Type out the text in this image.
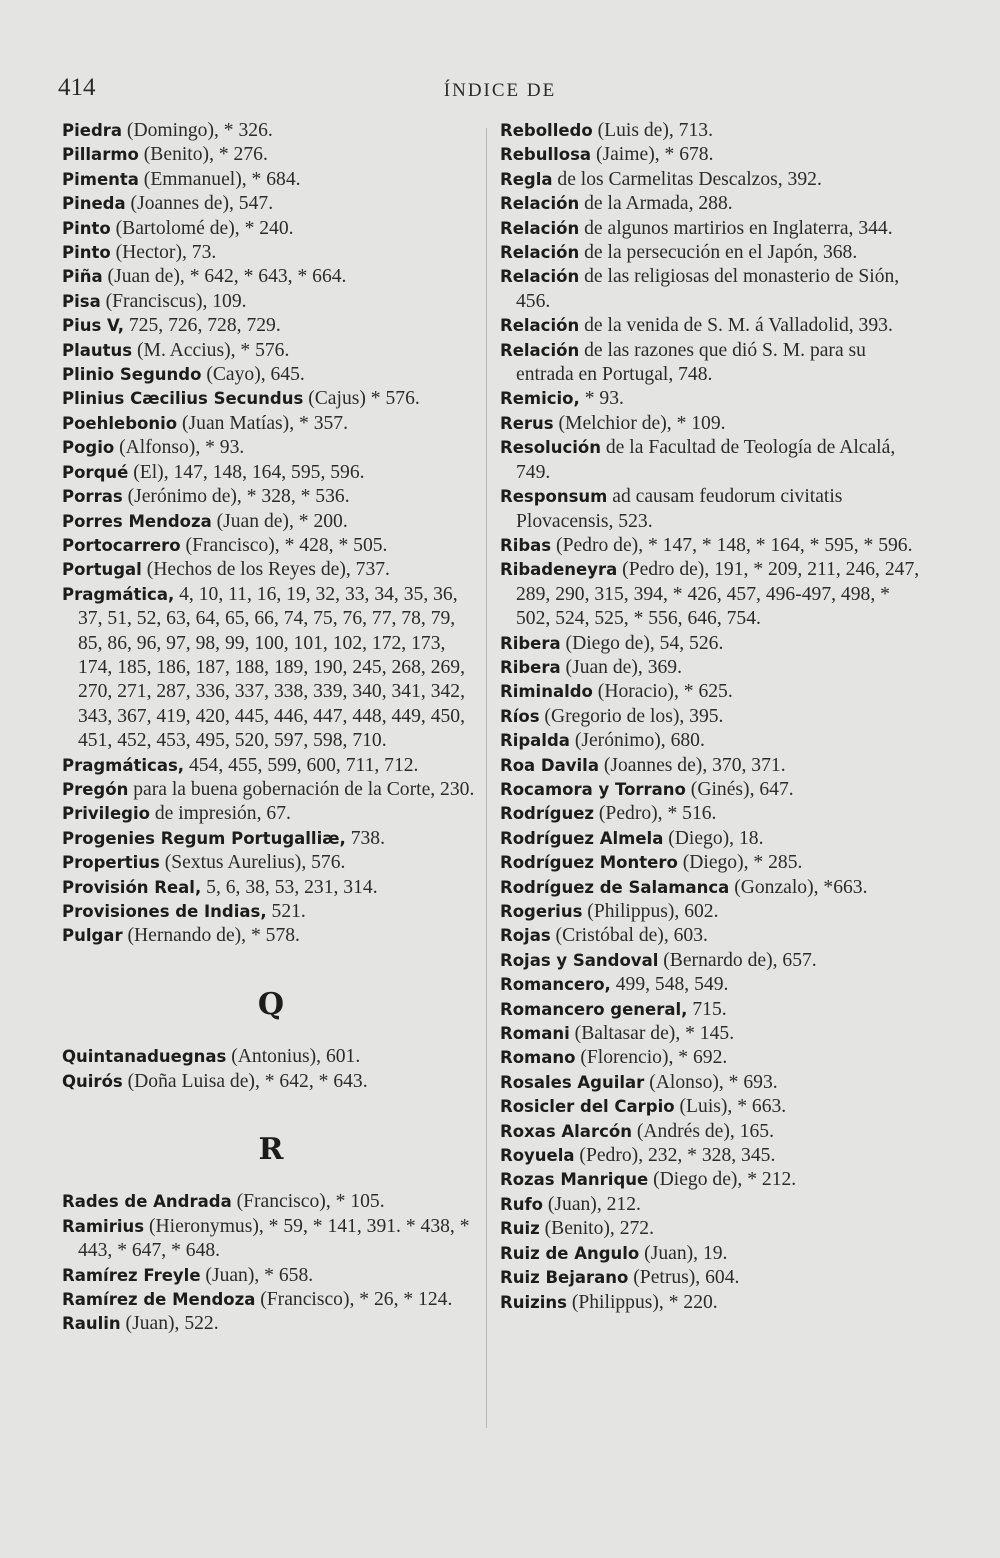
414	ÍNDICE DE
Piedra (Domingo), * 326.
Pillarmo (Benito), * 276.
Pimenta (Emmanuel), * 684.
Pineda (Joannes de), 547.
Pinto (Bartolomé de), * 240.
Pinto (Hector), 73.
Piña (Juan de), * 642, * 643, * 664.
Pisa (Franciscus), 109.
Pius V, 725, 726, 728, 729.
Plautus (M. Accius), * 576.
Plinio Segundo (Cayo), 645.
Plinius Cæcilius Secundus (Cajus) * 576.
Poehlebonio (Juan Matías), * 357.
Pogio (Alfonso), * 93.
Porqué (El), 147, 148, 164, 595, 596.
Porras (Jerónimo de), * 328, * 536.
Porres Mendoza (Juan de), * 200.
Portocarrero (Francisco), * 428, * 505.
Portugal (Hechos de los Reyes de), 737.
Pragmática, 4, 10, 11, 16, 19, 32, 33, 34, 35, 36, 37, 51, 52, 63, 64, 65, 66, 74, 75, 76, 77, 78, 79, 85, 86, 96, 97, 98, 99, 100, 101, 102, 172, 173, 174, 185, 186, 187, 188, 189, 190, 245, 268, 269, 270, 271, 287, 336, 337, 338, 339, 340, 341, 342, 343, 367, 419, 420, 445, 446, 447, 448, 449, 450, 451, 452, 453, 495, 520, 597, 598, 710.
Pragmáticas, 454, 455, 599, 600, 711, 712.
Pregón para la buena gobernación de la Corte, 230.
Privilegio de impresión, 67.
Progenies Regum Portugalliæ, 738.
Propertius (Sextus Aurelius), 576.
Provisión Real, 5, 6, 38, 53, 231, 314.
Provisiones de Indias, 521.
Pulgar (Hernando de), * 578.
Q
Quintanaduegnas (Antonius), 601.
Quirós (Doña Luisa de), * 642, * 643.
R
Rades de Andrada (Francisco), * 105.
Ramirius (Hieronymus), * 59, * 141, 391. * 438, * 443, * 647, * 648.
Ramírez Freyle (Juan), * 658.
Ramírez de Mendoza (Francisco), * 26, * 124.
Raulin (Juan), 522.
Rebolledo (Luis de), 713.
Rebullosa (Jaime), * 678.
Regla de los Carmelitas Descalzos, 392.
Relación de la Armada, 288.
Relación de algunos martirios en Inglaterra, 344.
Relación de la persecución en el Japón, 368.
Relación de las religiosas del monasterio de Sión, 456.
Relación de la venida de S. M. á Valladolid, 393.
Relación de las razones que dió S. M. para su entrada en Portugal, 748.
Remicio, * 93.
Rerus (Melchior de), * 109.
Resolución de la Facultad de Teología de Alcalá, 749.
Responsum ad causam feudorum civitatis Plovacensis, 523.
Ribas (Pedro de), * 147, * 148, * 164, * 595, * 596.
Ribadeneyra (Pedro de), 191, * 209, 211, 246, 247, 289, 290, 315, 394, * 426, 457, 496-497, 498, * 502, 524, 525, * 556, 646, 754.
Ribera (Diego de), 54, 526.
Ribera (Juan de), 369.
Riminaldo (Horacio), * 625.
Ríos (Gregorio de los), 395.
Ripalda (Jerónimo), 680.
Roa Davila (Joannes de), 370, 371.
Rocamora y Torrano (Ginés), 647.
Rodríguez (Pedro), * 516.
Rodríguez Almela (Diego), 18.
Rodríguez Montero (Diego), * 285.
Rodríguez de Salamanca (Gonzalo), *663.
Rogerius (Philippus), 602.
Rojas (Cristóbal de), 603.
Rojas y Sandoval (Bernardo de), 657.
Romancero, 499, 548, 549.
Romancero general, 715.
Romani (Baltasar de), * 145.
Romano (Florencio), * 692.
Rosales Aguilar (Alonso), * 693.
Rosicler del Carpio (Luis), * 663.
Roxas Alarcón (Andrés de), 165.
Royuela (Pedro), 232, * 328, 345.
Rozas Manrique (Diego de), * 212.
Rufo (Juan), 212.
Ruiz (Benito), 272.
Ruiz de Angulo (Juan), 19.
Ruiz Bejarano (Petrus), 604.
Ruizins (Philippus), * 220.
